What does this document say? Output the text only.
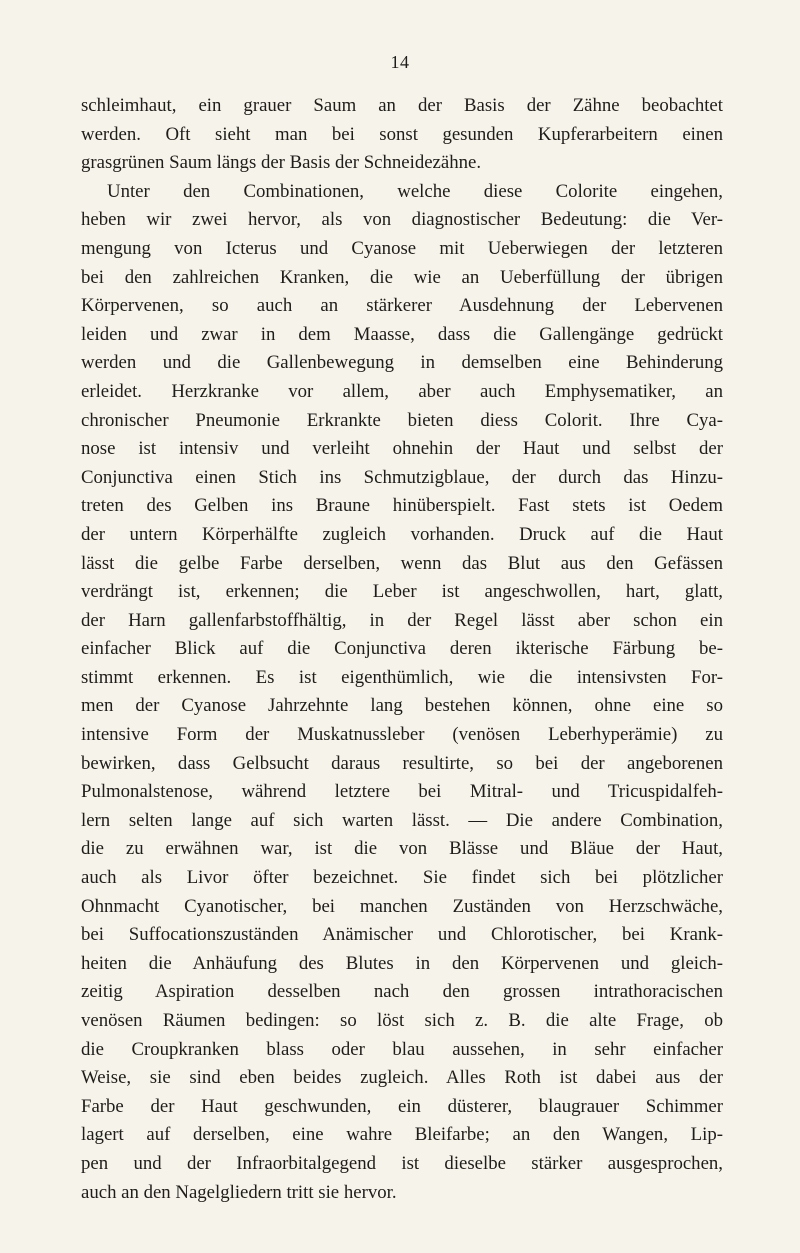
14
schleimhaut, ein grauer Saum an der Basis der Zähne beobachtet
werden. Oft sieht man bei sonst gesunden Kupferarbeitern einen
grasgrünen Saum längs der Basis der Schneidezähne.
Unter den Combinationen, welche diese Colorite eingehen,
heben wir zwei hervor, als von diagnostischer Bedeutung: die Ver-
mengung von Icterus und Cyanose mit Ueberwiegen der letzteren
bei den zahlreichen Kranken, die wie an Ueberfüllung der übrigen
Körpervenen, so auch an stärkerer Ausdehnung der Lebervenen
leiden und zwar in dem Maasse, dass die Gallengänge gedrückt
werden und die Gallenbewegung in demselben eine Behinderung
erleidet. Herzkranke vor allem, aber auch Emphysematiker, an
chronischer Pneumonie Erkrankte bieten diess Colorit. Ihre Cya-
nose ist intensiv und verleiht ohnehin der Haut und selbst der
Conjunctiva einen Stich ins Schmutzigblaue, der durch das Hinzu-
treten des Gelben ins Braune hinüberspielt. Fast stets ist Oedem
der untern Körperhälfte zugleich vorhanden. Druck auf die Haut
lässt die gelbe Farbe derselben, wenn das Blut aus den Gefässen
verdrängt ist, erkennen; die Leber ist angeschwollen, hart, glatt,
der Harn gallenfarbstoffhältig, in der Regel lässt aber schon ein
einfacher Blick auf die Conjunctiva deren ikterische Färbung be-
stimmt erkennen. Es ist eigenthümlich, wie die intensivsten For-
men der Cyanose Jahrzehnte lang bestehen können, ohne eine so
intensive Form der Muskatnussleber (venösen Leberhyperämie) zu
bewirken, dass Gelbsucht daraus resultirte, so bei der angeborenen
Pulmonalstenose, während letztere bei Mitral- und Tricuspidalfeh-
lern selten lange auf sich warten lässt. — Die andere Combination,
die zu erwähnen war, ist die von Blässe und Bläue der Haut,
auch als Livor öfter bezeichnet. Sie findet sich bei plötzlicher
Ohnmacht Cyanotischer, bei manchen Zuständen von Herzschwäche,
bei Suffocationszuständen Anämischer und Chlorotischer, bei Krank-
heiten die Anhäufung des Blutes in den Körpervenen und gleich-
zeitig Aspiration desselben nach den grossen intrathoracischen
venösen Räumen bedingen: so löst sich z. B. die alte Frage, ob
die Croupkranken blass oder blau aussehen, in sehr einfacher
Weise, sie sind eben beides zugleich. Alles Roth ist dabei aus der
Farbe der Haut geschwunden, ein düsterer, blaugrauer Schimmer
lagert auf derselben, eine wahre Bleifarbe; an den Wangen, Lip-
pen und der Infraorbitalgegend ist dieselbe stärker ausgesprochen,
auch an den Nagelgliedern tritt sie hervor.
